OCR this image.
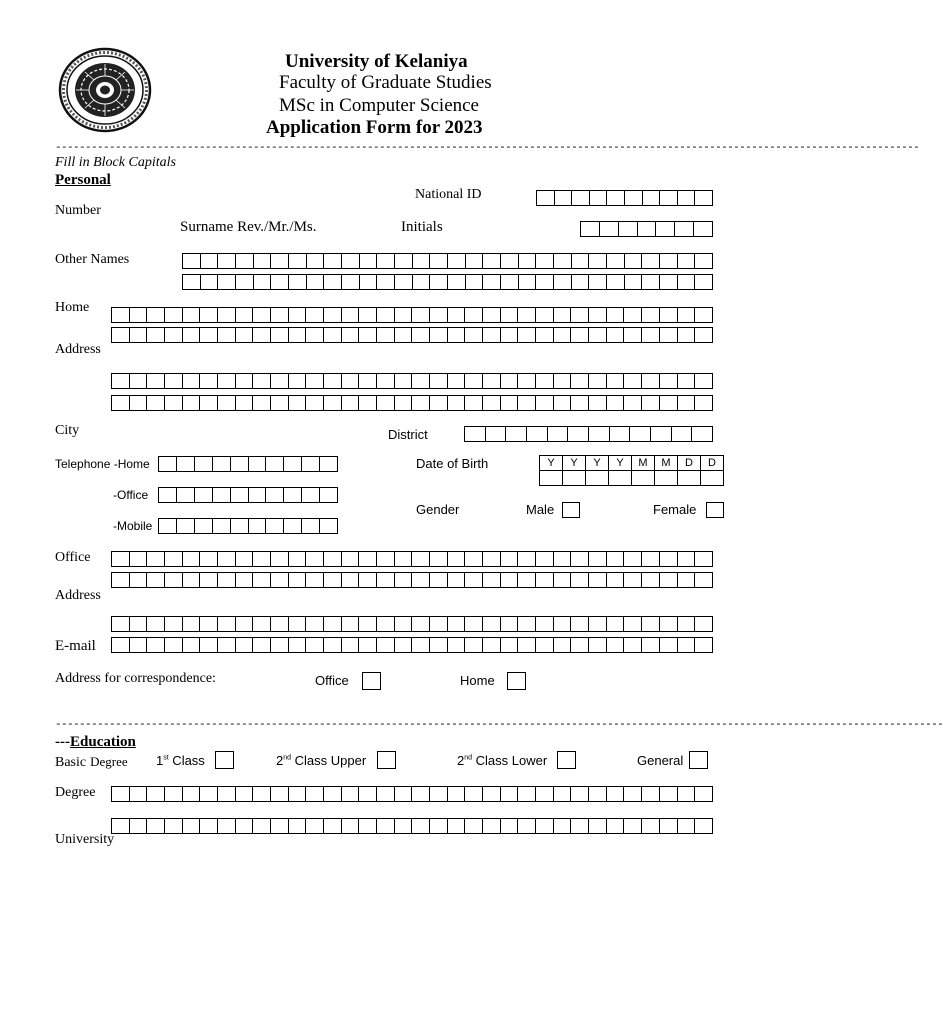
University of Kelaniya
Faculty of Graduate Studies
MSc in Computer Science
Application Form for 2023
------------------------------------------------------------------------------------------------------------------------------------------------
Fill in Block Capitals
Personal
National ID
Number
Surname Rev./Mr./Ms.	Initials
Other Names
Home
Address
City	District
Telephone -Home
-Office
-Mobile
Date of Birth	Y	Y	Y	Y	M	M	D	D

Gender	Male	Female
Office
Address
E-mail
Address for correspondence:	Office	Home
----------------------------------------------------------------------------------------------------------------------------------------------------
---Education
Basic Degree 1st Class	2nd Class Upper	2nd Class Lower	General
Degree
University
